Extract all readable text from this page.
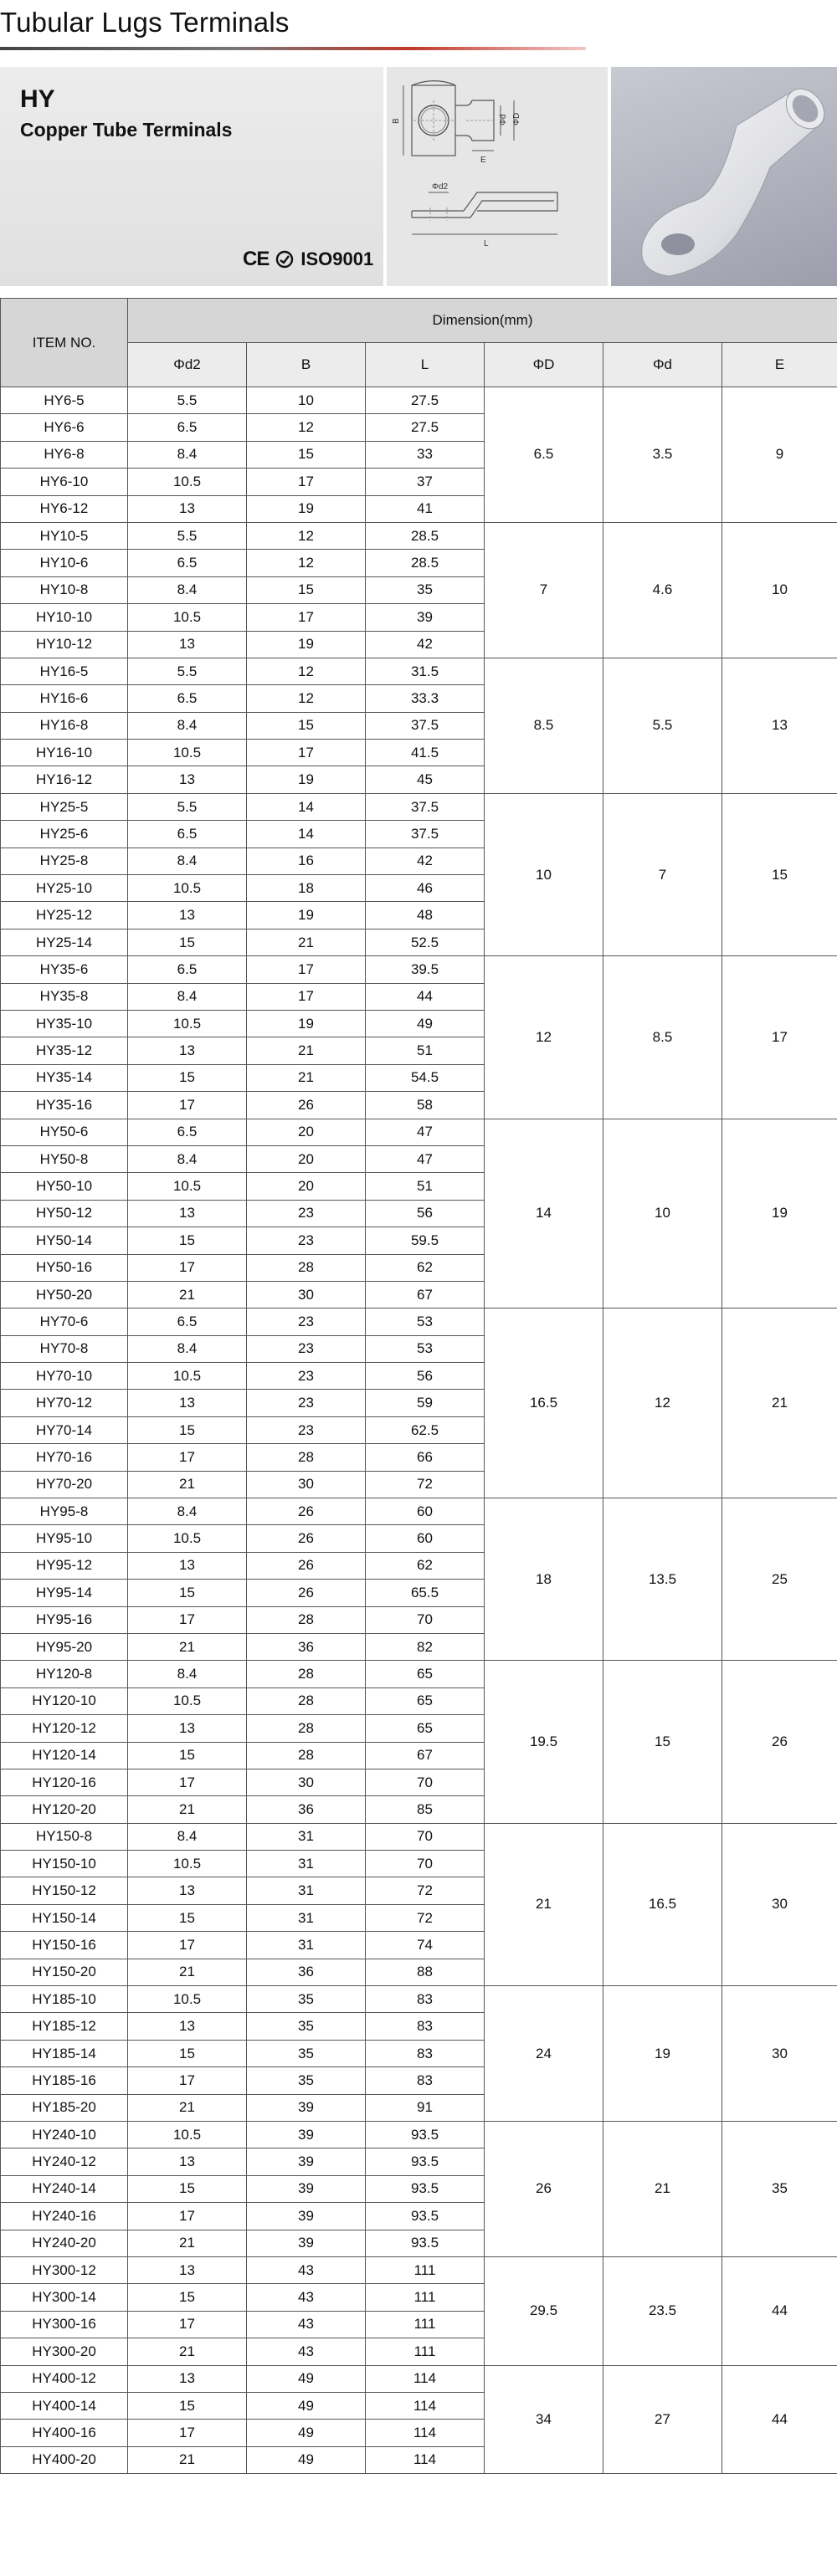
Tubular Lugs Terminals
HY
Copper Tube Terminals
CE ISO9001
B	Φd ΦD
E
Φd2
L
ITEM NO.	Dimension(mm)					
	Φd2	B	L	ΦD	Φd	E
HY6-5	5.5	10	27.5	6.5	3.5	9
HY6-6	6.5	12	27.5			
HY6-8	8.4	15	33			
HY6-10	10.5	17	37			
HY6-12	13	19	41			
HY10-5	5.5	12	28.5	7	4.6	10
HY10-6	6.5	12	28.5			
HY10-8	8.4	15	35			
HY10-10	10.5	17	39			
HY10-12	13	19	42			
HY16-5	5.5	12	31.5	8.5	5.5	13
HY16-6	6.5	12	33.3			
HY16-8	8.4	15	37.5			
HY16-10	10.5	17	41.5			
HY16-12	13	19	45			
HY25-5	5.5	14	37.5	10	7	15
HY25-6	6.5	14	37.5			
HY25-8	8.4	16	42			
HY25-10	10.5	18	46			
HY25-12	13	19	48			
HY25-14	15	21	52.5			
HY35-6	6.5	17	39.5	12	8.5	17
HY35-8	8.4	17	44			
HY35-10	10.5	19	49			
HY35-12	13	21	51			
HY35-14	15	21	54.5			
HY35-16	17	26	58			
HY50-6	6.5	20	47	14	10	19
HY50-8	8.4	20	47			
HY50-10	10.5	20	51			
HY50-12	13	23	56			
HY50-14	15	23	59.5			
HY50-16	17	28	62			
HY50-20	21	30	67			
HY70-6	6.5	23	53	16.5	12	21
HY70-8	8.4	23	53			
HY70-10	10.5	23	56			
HY70-12	13	23	59			
HY70-14	15	23	62.5			
HY70-16	17	28	66			
HY70-20	21	30	72			
HY95-8	8.4	26	60	18	13.5	25
HY95-10	10.5	26	60			
HY95-12	13	26	62			
HY95-14	15	26	65.5			
HY95-16	17	28	70			
HY95-20	21	36	82			
HY120-8	8.4	28	65	19.5	15	26
HY120-10	10.5	28	65			
HY120-12	13	28	65			
HY120-14	15	28	67			
HY120-16	17	30	70			
HY120-20	21	36	85			
HY150-8	8.4	31	70	21	16.5	30
HY150-10	10.5	31	70			
HY150-12	13	31	72			
HY150-14	15	31	72			
HY150-16	17	31	74			
HY150-20	21	36	88			
HY185-10	10.5	35	83	24	19	30
HY185-12	13	35	83			
HY185-14	15	35	83			
HY185-16	17	35	83			
HY185-20	21	39	91			
HY240-10	10.5	39	93.5	26	21	35
HY240-12	13	39	93.5			
HY240-14	15	39	93.5			
HY240-16	17	39	93.5			
HY240-20	21	39	93.5			
HY300-12	13	43	111	29.5	23.5	44
HY300-14	15	43	111			
HY300-16	17	43	111			
HY300-20	21	43	111			
HY400-12	13	49	114	34	27	44
HY400-14	15	49	114			
HY400-16	17	49	114			
HY400-20	21	49	114			
